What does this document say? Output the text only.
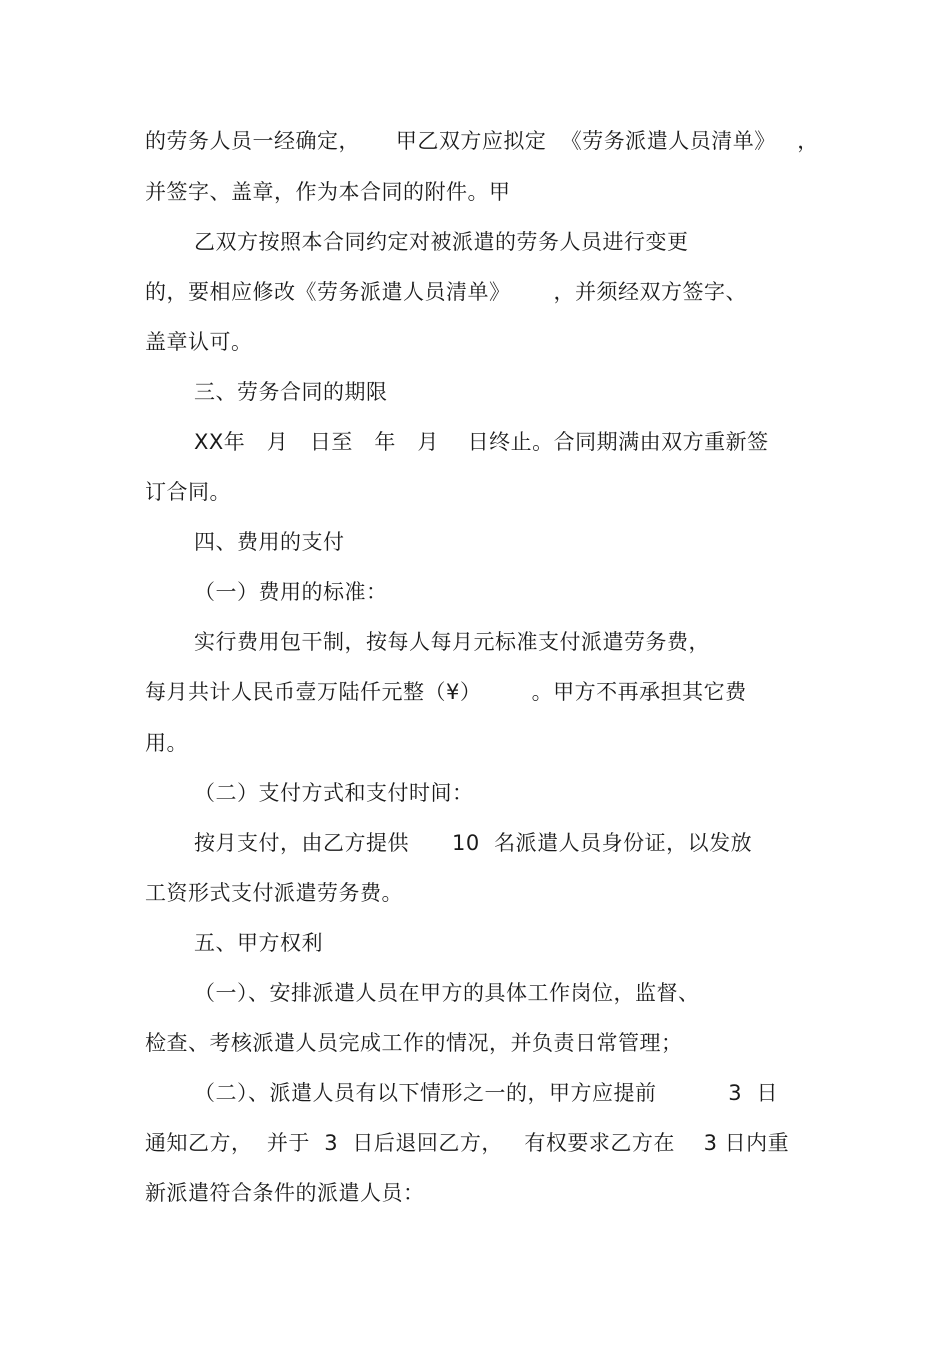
的劳务人员一经确定，     甲乙双方应拟定  《劳务派遣人员清单》   ，
并签字、盖章，作为本合同的附件。甲
乙双方按照本合同约定对被派遣的劳务人员进行变更
的，要相应修改《劳务派遣人员清单》      ，并须经双方签字、
盖章认可。
三、劳务合同的期限
XX年   月   日至   年   月    日终止。合同期满由双方重新签
订合同。
四、费用的支付
（一）费用的标准：
实行费用包干制，按每人每月元标准支付派遣劳务费，
每月共计人民币壹万陆仟元整（¥）       。甲方不再承担其它费
用。
（二）支付方式和支付时间：
按月支付，由乙方提供      10  名派遣人员身份证，以发放
工资形式支付派遣劳务费。
五、甲方权利
（一）、安排派遣人员在甲方的具体工作岗位，监督、
检查、考核派遣人员完成工作的情况，并负责日常管理；
（二）、派遣人员有以下情形之一的，甲方应提前          3  日
通知乙方，  并于  3  日后退回乙方，   有权要求乙方在    3 日内重
新派遣符合条件的派遣人员：
